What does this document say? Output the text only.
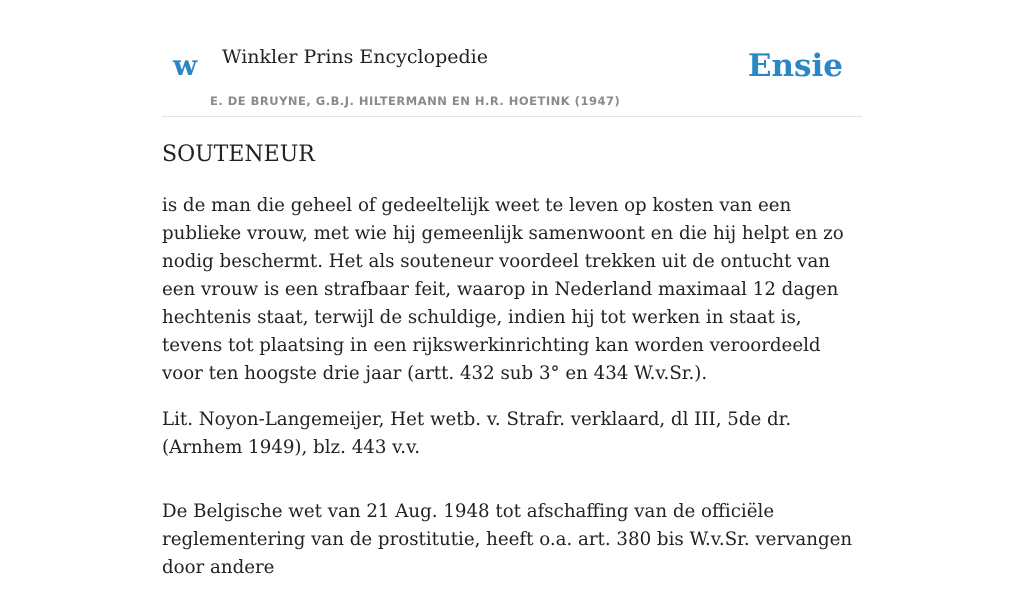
w Winkler Prins Encyclopedie
E. DE BRUYNE, G.B.J. HILTERMANN EN H.R. HOETINK (1947)
Ensie
SOUTENEUR

is de man die geheel of gedeeltelijk weet te leven op kosten van een publieke vrouw, met wie hij gemeenlijk samenwoont en die hij helpt en zo nodig beschermt. Het als souteneur voordeel trekken uit de ontucht van een vrouw is een strafbaar feit, waarop in Nederland maximaal 12 dagen hechtenis staat, terwijl de schuldige, indien hij tot werken in staat is, tevens tot plaatsing in een rijkswerkinrichting kan worden veroordeeld voor ten hoogste drie jaar (artt. 432 sub 3° en 434 W.v.Sr.).

Lit. Noyon-Langemeijer, Het wetb. v. Strafr. verklaard, dl III, 5de dr. (Arnhem 1949), blz. 443 v.v.

De Belgische wet van 21 Aug. 1948 tot afschaffing van de officiële reglementering van de prostitutie, heeft o.a. art. 380 bis W.v.Sr. vervangen door andere
